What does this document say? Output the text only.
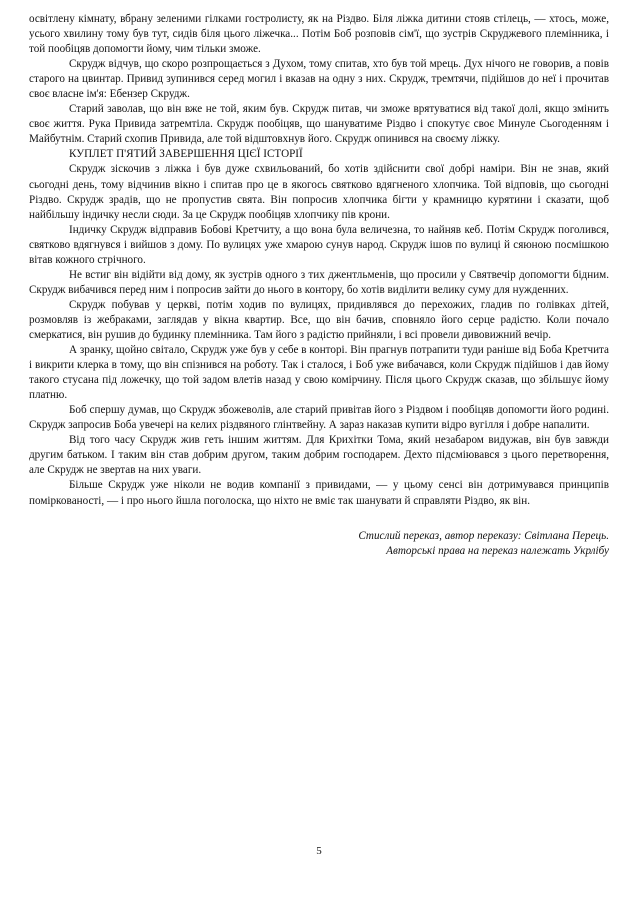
освітлену кімнату, вбрану зеленими гілками гостролисту, як на Різдво. Біля ліжка дитини стояв стілець, — хтось, може, усього хвилину тому був тут, сидів біля цього ліжечка... Потім Боб розповів сім'ї, що зустрів Скруджевого племінника, і той пообіцяв допомогти йому, чим тільки зможе.

Скрудж відчув, що скоро розпрощається з Духом, тому спитав, хто був той мрець. Дух нічого не говорив, а повів старого на цвинтар. Привид зупинився серед могил і вказав на одну з них. Скрудж, тремтячи, підійшов до неї і прочитав своє власне ім'я: Ебензер Скрудж.

Старий заволав, що він вже не той, яким був. Скрудж питав, чи зможе врятуватися від такої долі, якщо змінить своє життя. Рука Привида затремтіла. Скрудж пообіцяв, що шануватиме Різдво і спокутує своє Минуле Сьогоденням і Майбутнім. Старий схопив Привида, але той відштовхнув його. Скрудж опинився на своєму ліжку.

КУПЛЕТ П'ЯТИЙ ЗАВЕРШЕННЯ ЦІЄЇ ІСТОРІЇ

Скрудж зіскочив з ліжка і був дуже схвильований, бо хотів здійснити свої добрі наміри. Він не знав, який сьогодні день, тому відчинив вікно і спитав про це в якогось святково вдягненого хлопчика. Той відповів, що сьогодні Різдво. Скрудж зрадів, що не пропустив свята. Він попросив хлопчика бігти у крамницю курятини і сказати, щоб найбільшу індичку несли сюди. За це Скрудж пообіцяв хлопчику пів крони.

Індичку Скрудж відправив Бобові Кретчиту, а що вона була величезна, то найняв кеб. Потім Скрудж поголився, святково вдягнувся і вийшов з дому. По вулицях уже хмарою сунув народ. Скрудж ішов по вулиці й сяюною посмішкою вітав кожного стрічного.

Не встиг він відійти від дому, як зустрів одного з тих джентльменів, що просили у Святвечір допомогти бідним. Скрудж вибачився перед ним і попросив зайти до нього в контору, бо хотів виділити велику суму для нужденних.

Скрудж побував у церкві, потім ходив по вулицях, придивлявся до перехожих, гладив по голівках дітей, розмовляв із жебраками, заглядав у вікна квартир. Все, що він бачив, сповняло його серце радістю. Коли почало смеркатися, він рушив до будинку племінника. Там його з радістю прийняли, і всі провели дивовижний вечір.

А зранку, щойно світало, Скрудж уже був у себе в конторі. Він прагнув потрапити туди раніше від Боба Кретчита і викрити клерка в тому, що він спізнився на роботу. Так і сталося, і Боб уже вибачався, коли Скрудж підійшов і дав йому такого стусана під ложечку, що той задом влетів назад у свою комірчину. Після цього Скрудж сказав, що збільшує йому платню.

Боб спершу думав, що Скрудж збожеволів, але старий привітав його з Різдвом і пообіцяв допомогти його родині. Скрудж запросив Боба увечері на келих різдвяного глінтвейну. А зараз наказав купити відро вугілля і добре напалити.

Від того часу Скрудж жив геть іншим життям. Для Крихітки Тома, який незабаром видужав, він був завжди другим батьком. І таким він став добрим другом, таким добрим господарем. Дехто підсміювався з цього перетворення, але Скрудж не звертав на них уваги.

Більше Скрудж уже ніколи не водив компанії з привидами, — у цьому сенсі він дотримувався принципів помірковaності, — і про нього йшла поголоска, що ніхто не вміє так шанувати й справляти Різдво, як він.

Стислий переказ, автор переказу: Світлана Перець.
Авторські права на переказ належать Укрлібу
5
